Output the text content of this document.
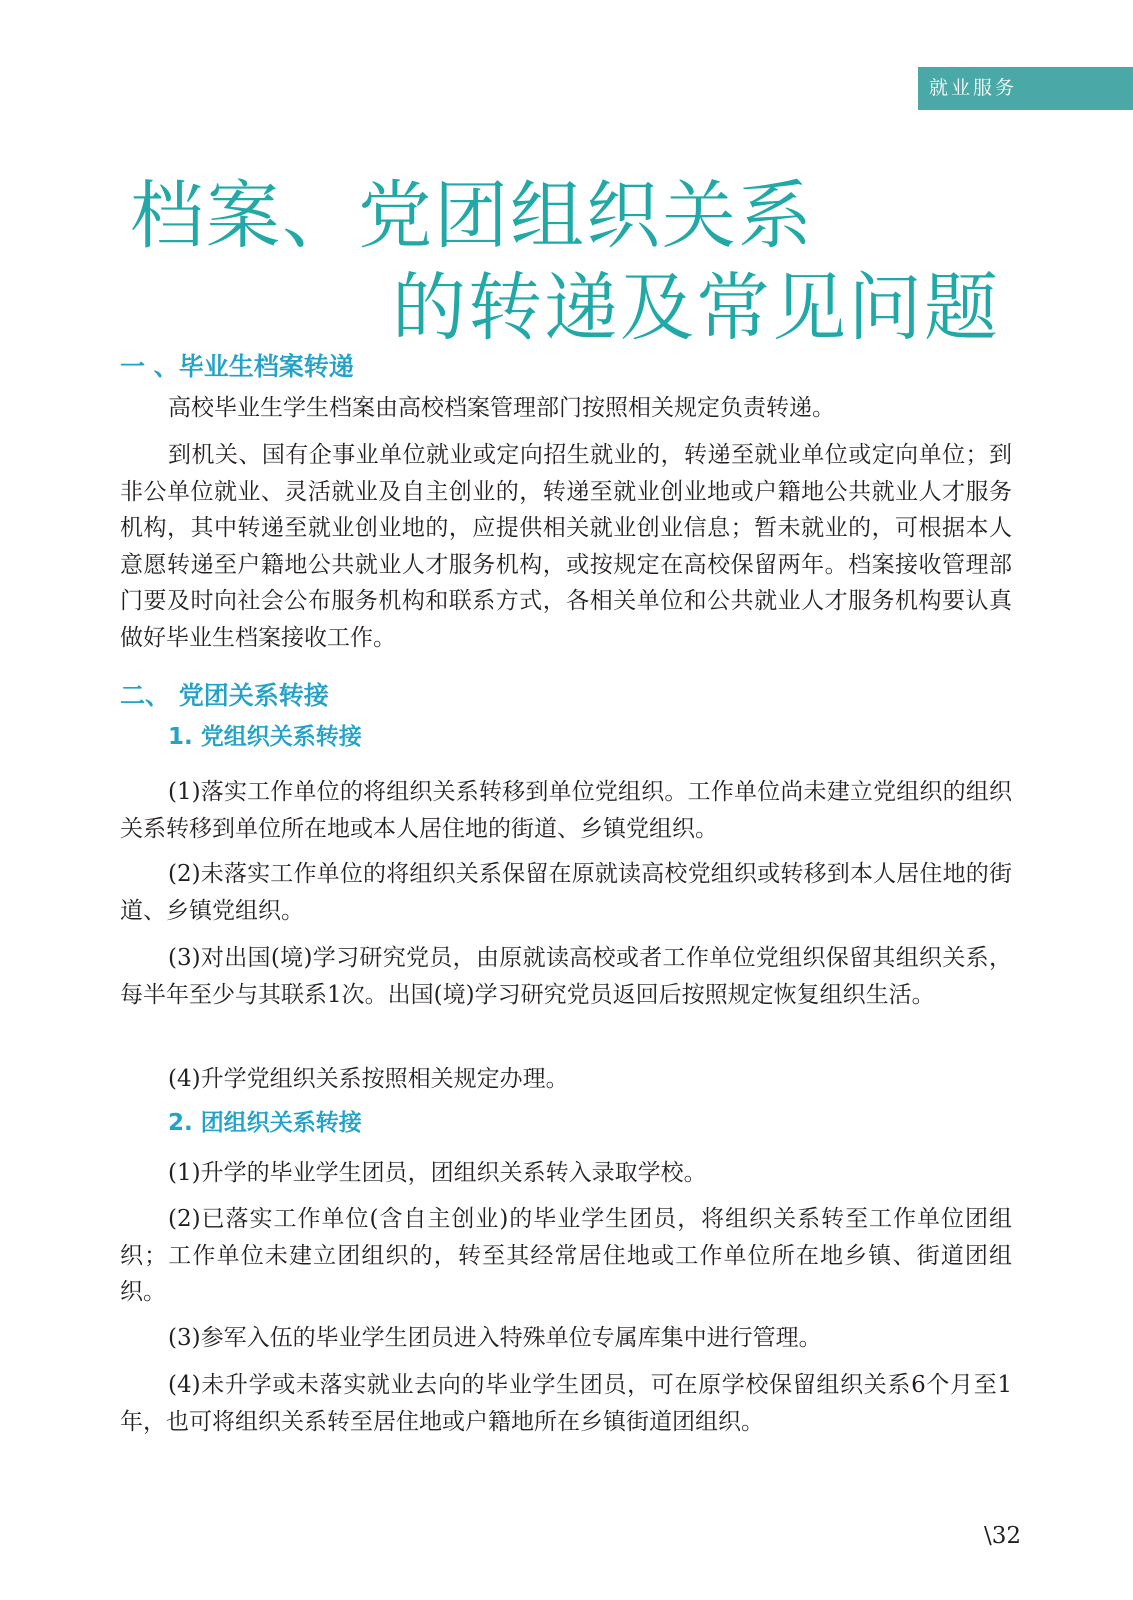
就业服务
档案、党团组织关系
的转递及常见问题
一 、毕业生档案转递

高校毕业生学生档案由高校档案管理部门按照相关规定负责转递。

到机关、国有企事业单位就业或定向招生就业的，转递至就业单位或定向单位；到非公单位就业、灵活就业及自主创业的，转递至就业创业地或户籍地公共就业人才服务机构，其中转递至就业创业地的，应提供相关就业创业信息；暂未就业的，可根据本人意愿转递至户籍地公共就业人才服务机构，或按规定在高校保留两年。档案接收管理部门要及时向社会公布服务机构和联系方式，各相关单位和公共就业人才服务机构要认真做好毕业生档案接收工作。

二、 党团关系转接
1. 党组织关系转接

(1)落实工作单位的将组织关系转移到单位党组织。工作单位尚未建立党组织的组织关系转移到单位所在地或本人居住地的街道、乡镇党组织。

(2)未落实工作单位的将组织关系保留在原就读高校党组织或转移到本人居住地的街道、乡镇党组织。

(3)对出国(境)学习研究党员，由原就读高校或者工作单位党组织保留其组织关系，每半年至少与其联系1次。出国(境)学习研究党员返回后按照规定恢复组织生活。

(4)升学党组织关系按照相关规定办理。

2. 团组织关系转接

(1)升学的毕业学生团员，团组织关系转入录取学校。

(2)已落实工作单位(含自主创业)的毕业学生团员，将组织关系转至工作单位团组织；工作单位未建立团组织的，转至其经常居住地或工作单位所在地乡镇、街道团组织。

(3)参军入伍的毕业学生团员进入特殊单位专属库集中进行管理。

(4)未升学或未落实就业去向的毕业学生团员，可在原学校保留组织关系6个月至1年，也可将组织关系转至居住地或户籍地所在乡镇街道团组织。

\32
